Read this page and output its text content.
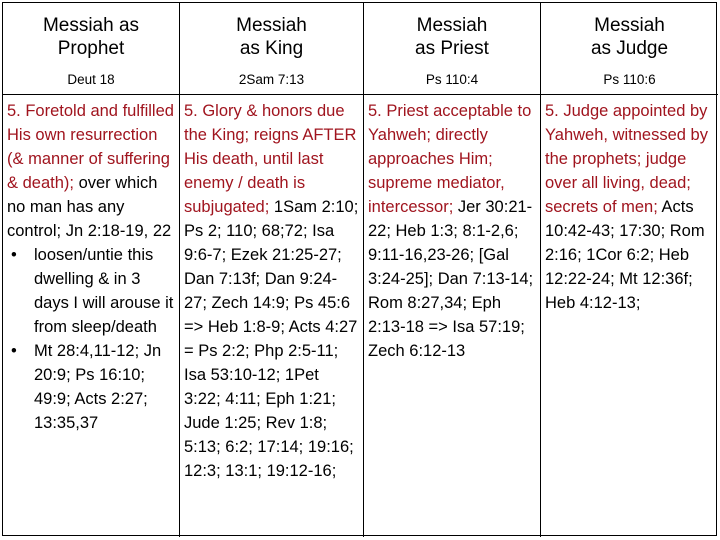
Messiah as Prophet
Deut 18
Messiah as King
2Sam 7:13
Messiah as Priest
Ps 110:4
Messiah as Judge
Ps 110:6
5. Foretold and fulfilled His own resurrection (& manner of suffering & death); over which no man has any control; Jn 2:18-19, 22
• loosen/untie this dwelling & in 3 days I will arouse it from sleep/death
• Mt 28:4,11-12; Jn 20:9; Ps 16:10; 49:9; Acts 2:27; 13:35,37
5. Glory & honors due the King; reigns AFTER His death, until last enemy / death is subjugated; 1Sam 2:10; Ps 2; 110; 68;72; Isa 9:6-7; Ezek 21:25-27; Dan 7:13f; Dan 9:24-27; Zech 14:9; Ps 45:6 => Heb 1:8-9; Acts 4:27 = Ps 2:2; Php 2:5-11; Isa 53:10-12; 1Pet 3:22; 4:11; Eph 1:21; Jude 1:25; Rev 1:8; 5:13; 6:2; 17:14; 19:16; 12:3; 13:1; 19:12-16;
5. Priest acceptable to Yahweh; directly approaches Him; supreme mediator, intercessor; Jer 30:21-22; Heb 1:3; 8:1-2,6; 9:11-16,23-26; [Gal 3:24-25]; Dan 7:13-14; Rom 8:27,34; Eph 2:13-18 => Isa 57:19; Zech 6:12-13
5. Judge appointed by Yahweh, witnessed by the prophets; judge over all living, dead; secrets of men; Acts 10:42-43; 17:30; Rom 2:16; 1Cor 6:2; Heb 12:22-24; Mt 12:36f; Heb 4:12-13;
